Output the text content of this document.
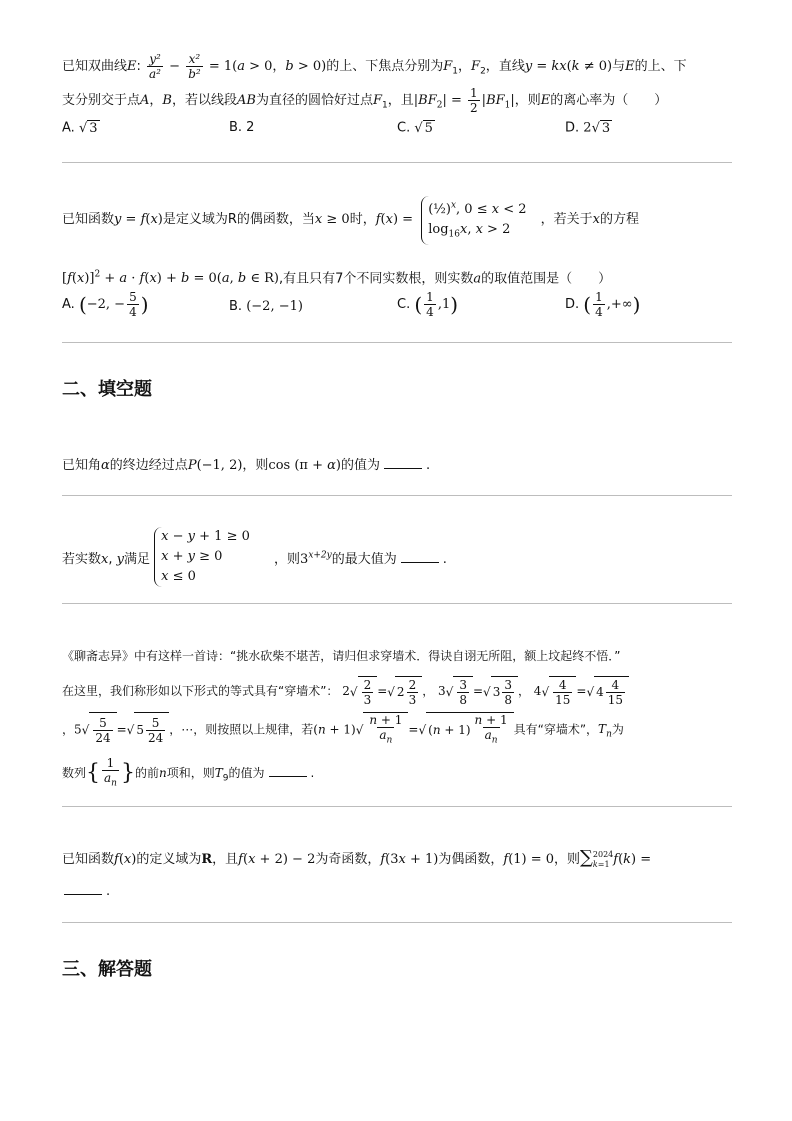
已知双曲线E: $\frac{\text{y²}}{\text{a²}} - \frac{\text{x²}}{\text{b²}} = 1(a > 0$，b > 0)的上、下焦点分别为$F_1$，$F_2$，直线y = kx(k ≠ 0)与E的上、下
支分别交于点A，B，若以线段AB为直径的圆恰好过点$F_1$，且$|BF_2| = \frac{1}{2} |BF_1|$，则E的离心率为（　　）
A. √ 3	B. 2	C. √ 5	D. 2√ 3
已知函数y = f(x)是定义域为R的偶函数，当x ≥ 0时，f(x) = (½)$^x$, 0 ≤ x < 2
$\log_{16}x$, x > 2 ，若关于x的方程
$[f(x)]^2 + a \cdot f(x) + b = 0(a$, b ∈ R),有且只有7个不同实数根，则实数a的取值范围是（　　）
A. (−2, − $\frac{5}{4}$ )	B. (−2, −1)	C. ( $\frac{1}{4} ,1$)	D. ( $\frac{1}{4}$ ,+∞)
二、填空题
已知角α的终边经过点P(−1, 2)，则cos (π + α)的值为	.
若实数x, y满足 x − y + 1 ≥ 0
x + y ≥ 0
x ≤ 0 ，则$3^{x+2y}$的最大值为	.
《聊斋志异》中有这样一首诗：“挑水砍柴不堪苦，请归但求穿墙术．得诀自诩无所阻，额上坟起终不悟．”
在这里，我们称形如以下形式的等式具有“穿墙术”： $2√ \frac{2}{3}$ =√ $2 \frac{2}{3}$ ， $3√ \frac{3}{8}$ =√ $3 \frac{3}{8}$ ， $4√ \frac{4}{15}$ =√ $4 \frac{4}{15}$
，$5√ \frac{5}{24}$ =√ $5 \frac{5}{24}$ ，⋯，则按照以上规律，若$(n + 1)√ \frac{n + 1}{a_n}$ =√ $(n + 1) \frac{n + 1}{a_n}$ 具有“穿墙术”，$T_n$为
数列{ $\frac{1}{a_n}$ }的前n项和，则$T_9$的值为	.
已知函数f(x)的定义域为R，且f(x + 2) − 2为奇函数，f(3x + 1)为偶函数，f(1) = 0，则∑ 2024
k=1 f(k) =
.
三、解答题
